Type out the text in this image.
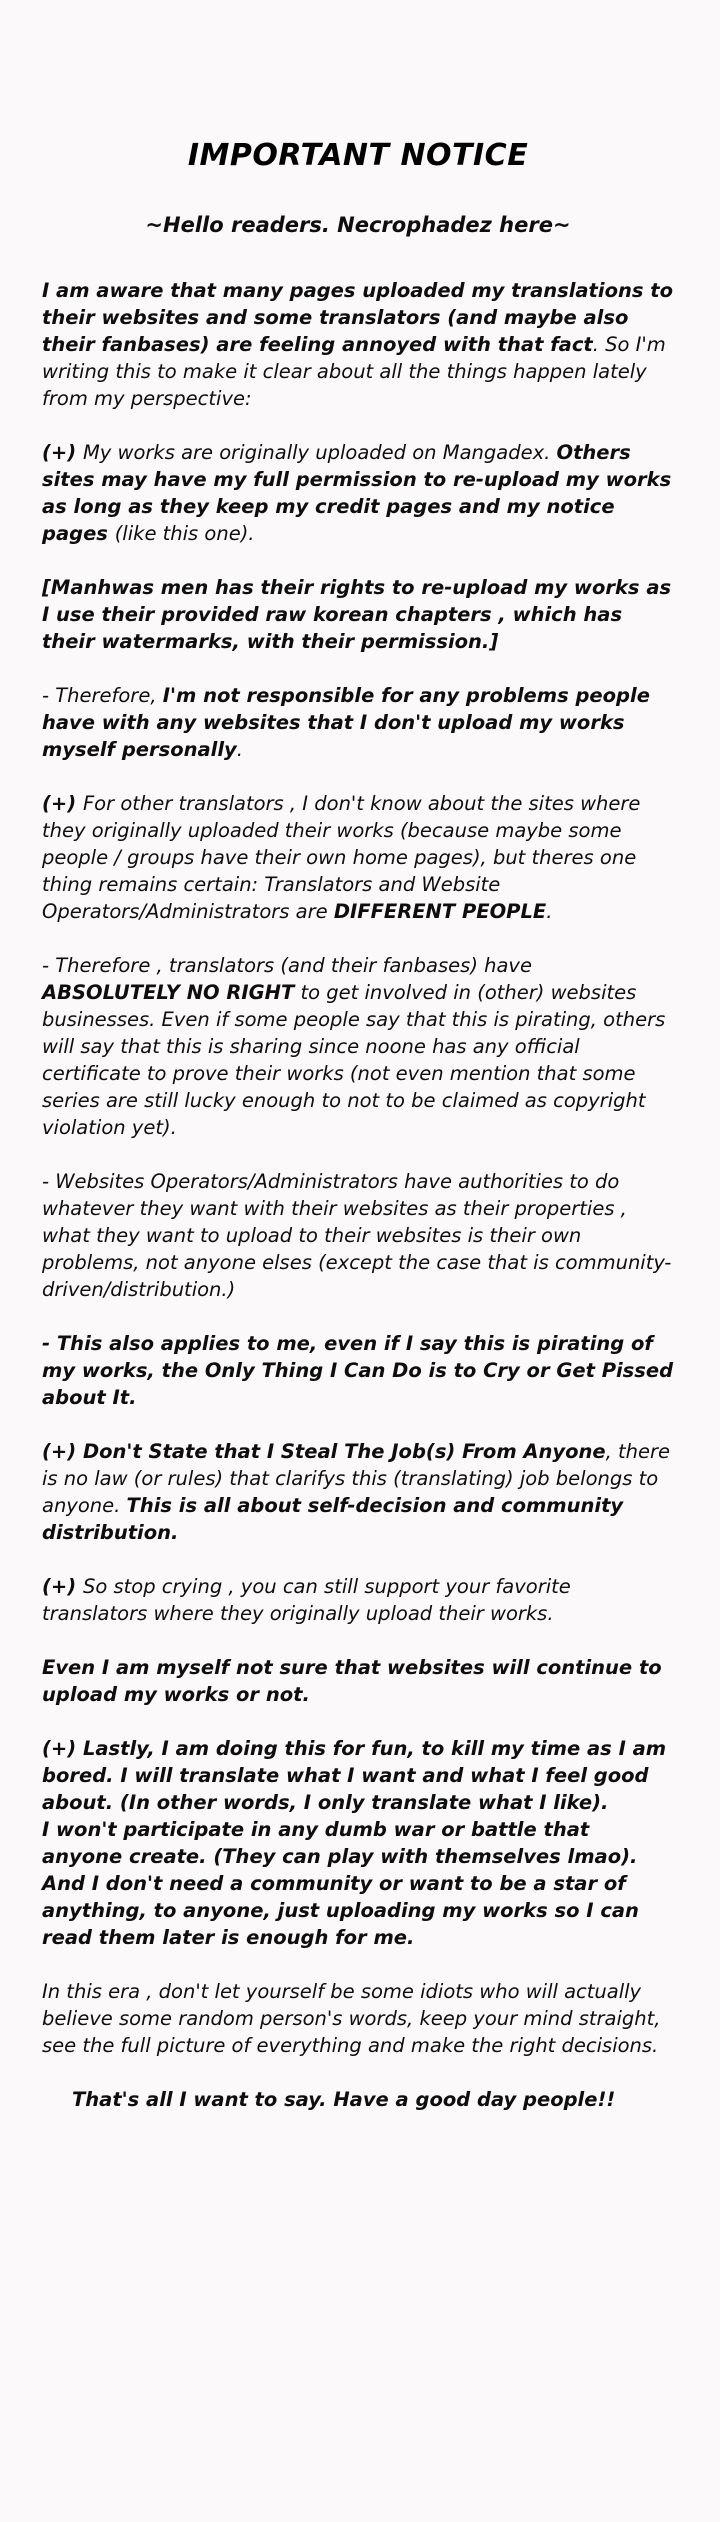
IMPORTANT NOTICE
~Hello readers. Necrophadez here~

I am aware that many pages uploaded my translations to their websites and some translators (and maybe also their fanbases) are feeling annoyed with that fact. So I'm writing this to make it clear about all the things happen lately from my perspective:

(+) My works are originally uploaded on Mangadex. Others sites may have my full permission to re-upload my works as long as they keep my credit pages and my notice pages (like this one).

[Manhwas men has their rights to re-upload my works as I use their provided raw korean chapters , which has their watermarks, with their permission.]

- Therefore, I'm not responsible for any problems people have with any websites that I don't upload my works myself personally.

(+) For other translators , I don't know about the sites where they originally uploaded their works (because maybe some people / groups have their own home pages), but theres one thing remains certain: Translators and Website Operators/Administrators are DIFFERENT PEOPLE.

- Therefore , translators (and their fanbases) have ABSOLUTELY NO RIGHT to get involved in (other) websites businesses. Even if some people say that this is pirating, others will say that this is sharing since noone has any official certificate to prove their works (not even mention that some series are still lucky enough to not to be claimed as copyright violation yet).

- Websites Operators/Administrators have authorities to do whatever they want with their websites as their properties , what they want to upload to their websites is their own problems, not anyone elses (except the case that is community-driven/distribution.)

- This also applies to me, even if I say this is pirating of my works, the Only Thing I Can Do is to Cry or Get Pissed about It.

(+) Don't State that I Steal The Job(s) From Anyone, there is no law (or rules) that clarifys this (translating) job belongs to anyone. This is all about self-decision and community distribution.

(+) So stop crying , you can still support your favorite translators where they originally upload their works.

Even I am myself not sure that websites will continue to upload my works or not.

(+) Lastly, I am doing this for fun, to kill my time as I am bored. I will translate what I want and what I feel good about. (In other words, I only translate what I like).
I won't participate in any dumb war or battle that anyone create. (They can play with themselves lmao).
And I don't need a community or want to be a star of anything, to anyone, just uploading my works so I can read them later is enough for me.

In this era , don't let yourself be some idiots who will actually believe some random person's words, keep your mind straight, see the full picture of everything and make the right decisions.

That's all I want to say. Have a good day people!!
